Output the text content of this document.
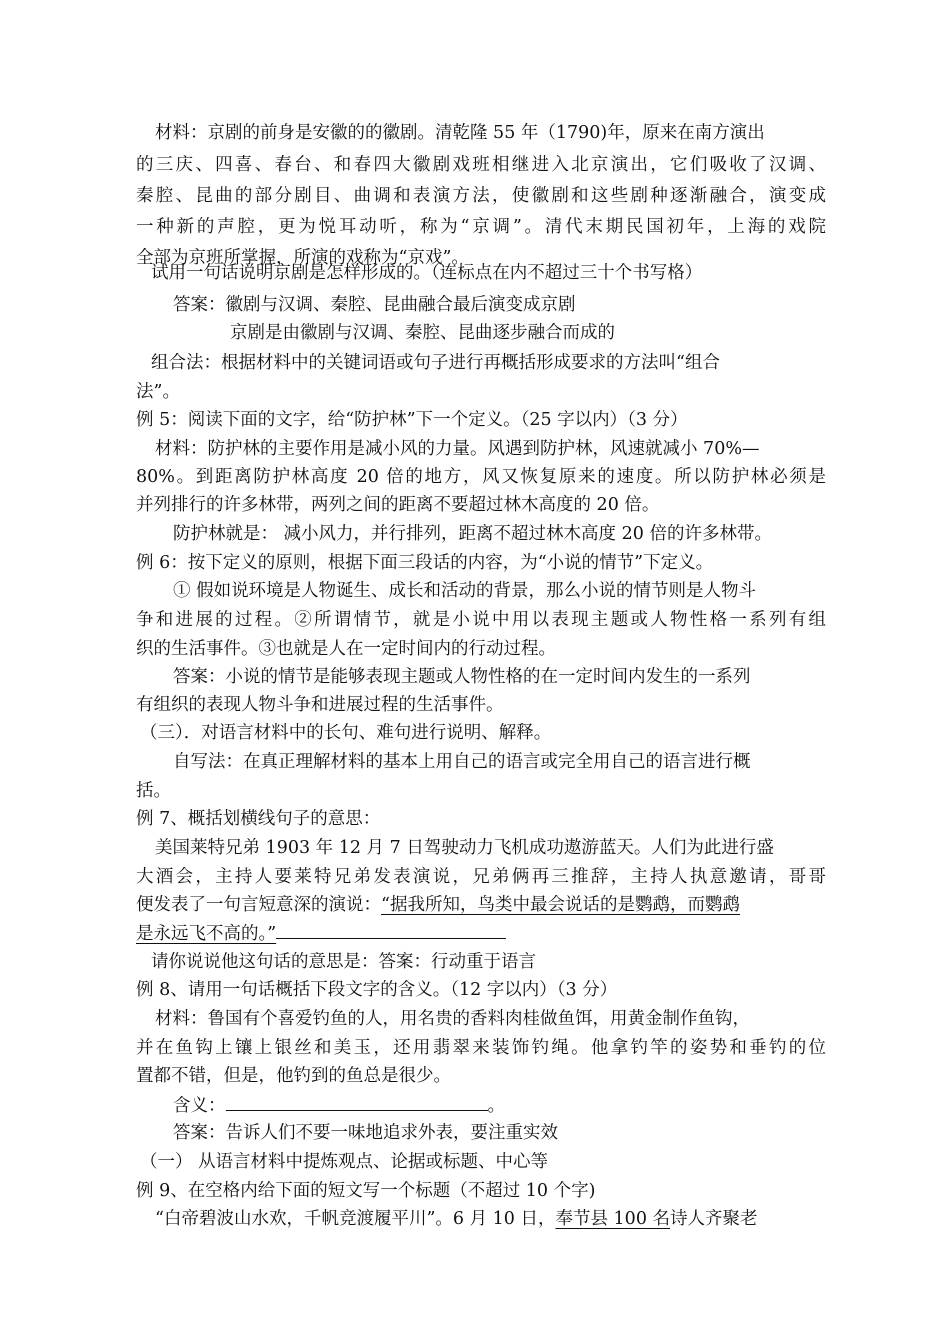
材料：京剧的前身是安徽的的徽剧。清乾隆 55 年（1790)年，原来在南方演出
的三庆、四喜、春台、和春四大徽剧戏班相继进入北京演出，它们吸收了汉调、
秦腔、昆曲的部分剧目、曲调和表演方法，使徽剧和这些剧种逐渐融合，演变成
一种新的声腔，更为悦耳动听，称为“京调”。清代末期民国初年，上海的戏院
全部为京班所掌握，所演的戏称为“京戏”。
试用一句话说明京剧是怎样形成的。（连标点在内不超过三十个书写格）
答案：徽剧与汉调、秦腔、昆曲融合最后演变成京剧
京剧是由徽剧与汉调、秦腔、昆曲逐步融合而成的
组合法：根据材料中的关键词语或句子进行再概括形成要求的方法叫“组合
法”。
例 5：阅读下面的文字，给“防护林”下一个定义。（25 字以内）（3 分）
材料：防护林的主要作用是减小风的力量。风遇到防护林，风速就减小 70%—
80%。到距离防护林高度 20 倍的地方，风又恢复原来的速度。所以防护林必须是
并列排行的许多林带，两列之间的距离不要超过林木高度的 20 倍。
防护林就是： 减小风力，并行排列，距离不超过林木高度 20 倍的许多林带。
例 6：按下定义的原则，根据下面三段话的内容，为“小说的情节”下定义。
① 假如说环境是人物诞生、成长和活动的背景，那么小说的情节则是人物斗
争和进展的过程。②所谓情节，就是小说中用以表现主题或人物性格一系列有组
织的生活事件。③也就是人在一定时间内的行动过程。
答案：小说的情节是能够表现主题或人物性格的在一定时间内发生的一系列
有组织的表现人物斗争和进展过程的生活事件。
（三）．对语言材料中的长句、难句进行说明、解释。
自写法：在真正理解材料的基本上用自己的语言或完全用自己的语言进行概
括。
例 7、概括划横线句子的意思：
美国莱特兄弟 1903 年 12 月 7 日驾驶动力飞机成功遨游蓝天。人们为此进行盛
大酒会，主持人要莱特兄弟发表演说，兄弟俩再三推辞，主持人执意邀请，哥哥
便发表了一句言短意深的演说：“据我所知，鸟类中最会说话的是鹦鹉，而鹦鹉
是永远飞不高的。”
请你说说他这句话的意思是：答案：行动重于语言
例 8、请用一句话概括下段文字的含义。（12 字以内）（3 分）
材料：鲁国有个喜爱钓鱼的人，用名贵的香料肉桂做鱼饵，用黄金制作鱼钩，
并在鱼钩上镶上银丝和美玉，还用翡翠来装饰钓绳。他拿钓竿的姿势和垂钓的位
置都不错，但是，他钓到的鱼总是很少。
含义：	。
答案：告诉人们不要一味地追求外表，要注重实效
（一） 从语言材料中提炼观点、论据或标题、中心等
例 9、在空格内给下面的短文写一个标题（不超过 10 个字)
“白帝碧波山水欢，千帆竞渡履平川”。6 月 10 日，奉节县 100 名诗人齐聚老
